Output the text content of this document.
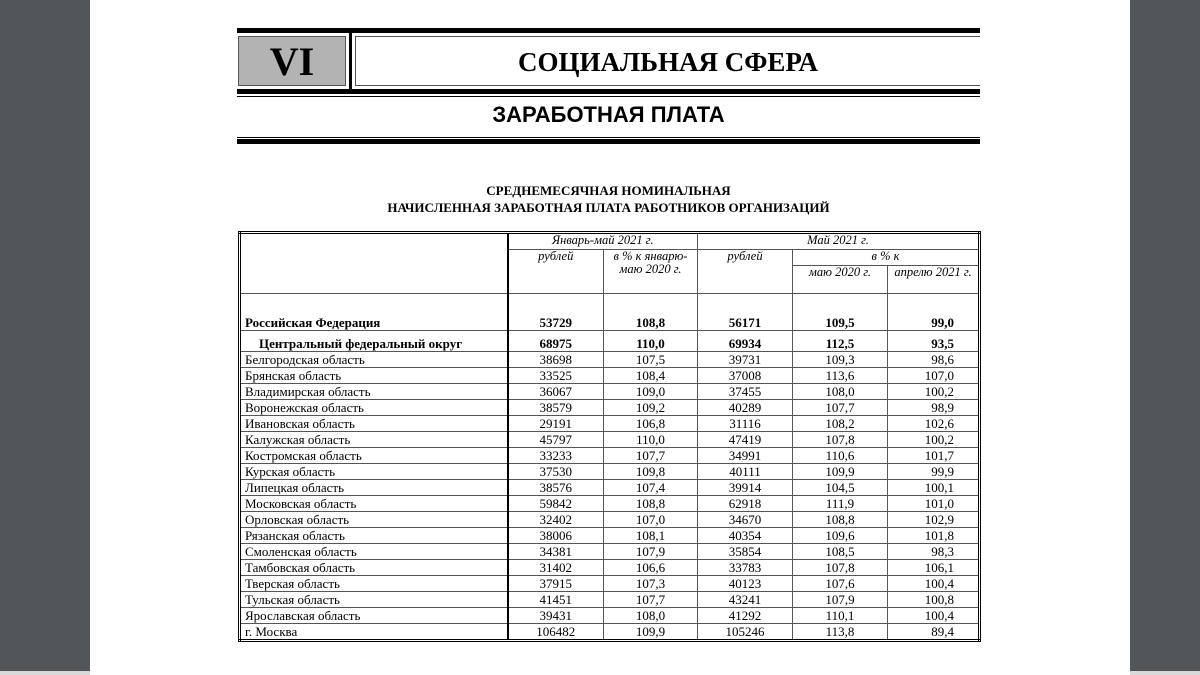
VI	СОЦИАЛЬНАЯ СФЕРА
ЗАРАБОТНАЯ ПЛАТА
СРЕДНЕМЕСЯЧНАЯ НОМИНАЛЬНАЯ
НАЧИСЛЕННАЯ ЗАРАБОТНАЯ ПЛАТА РАБОТНИКОВ ОРГАНИЗАЦИЙ
	Январь-май 2021 г.		Май 2021 г.		
	рублей	в % к январю-маю 2020 г.	рублей	в % к	
				маю 2020 г.	апрелю 2021 г.
Российская Федерация	53729	108,8	56171	109,5	99,0
Центральный федеральный округ	68975	110,0	69934	112,5	93,5
Белгородская область	38698	107,5	39731	109,3	98,6
Брянская область	33525	108,4	37008	113,6	107,0
Владимирская область	36067	109,0	37455	108,0	100,2
Воронежская область	38579	109,2	40289	107,7	98,9
Ивановская область	29191	106,8	31116	108,2	102,6
Калужская область	45797	110,0	47419	107,8	100,2
Костромская область	33233	107,7	34991	110,6	101,7
Курская область	37530	109,8	40111	109,9	99,9
Липецкая область	38576	107,4	39914	104,5	100,1
Московская область	59842	108,8	62918	111,9	101,0
Орловская область	32402	107,0	34670	108,8	102,9
Рязанская область	38006	108,1	40354	109,6	101,8
Смоленская область	34381	107,9	35854	108,5	98,3
Тамбовская область	31402	106,6	33783	107,8	106,1
Тверская область	37915	107,3	40123	107,6	100,4
Тульская область	41451	107,7	43241	107,9	100,8
Ярославская область	39431	108,0	41292	110,1	100,4
г. Москва	106482	109,9	105246	113,8	89,4
